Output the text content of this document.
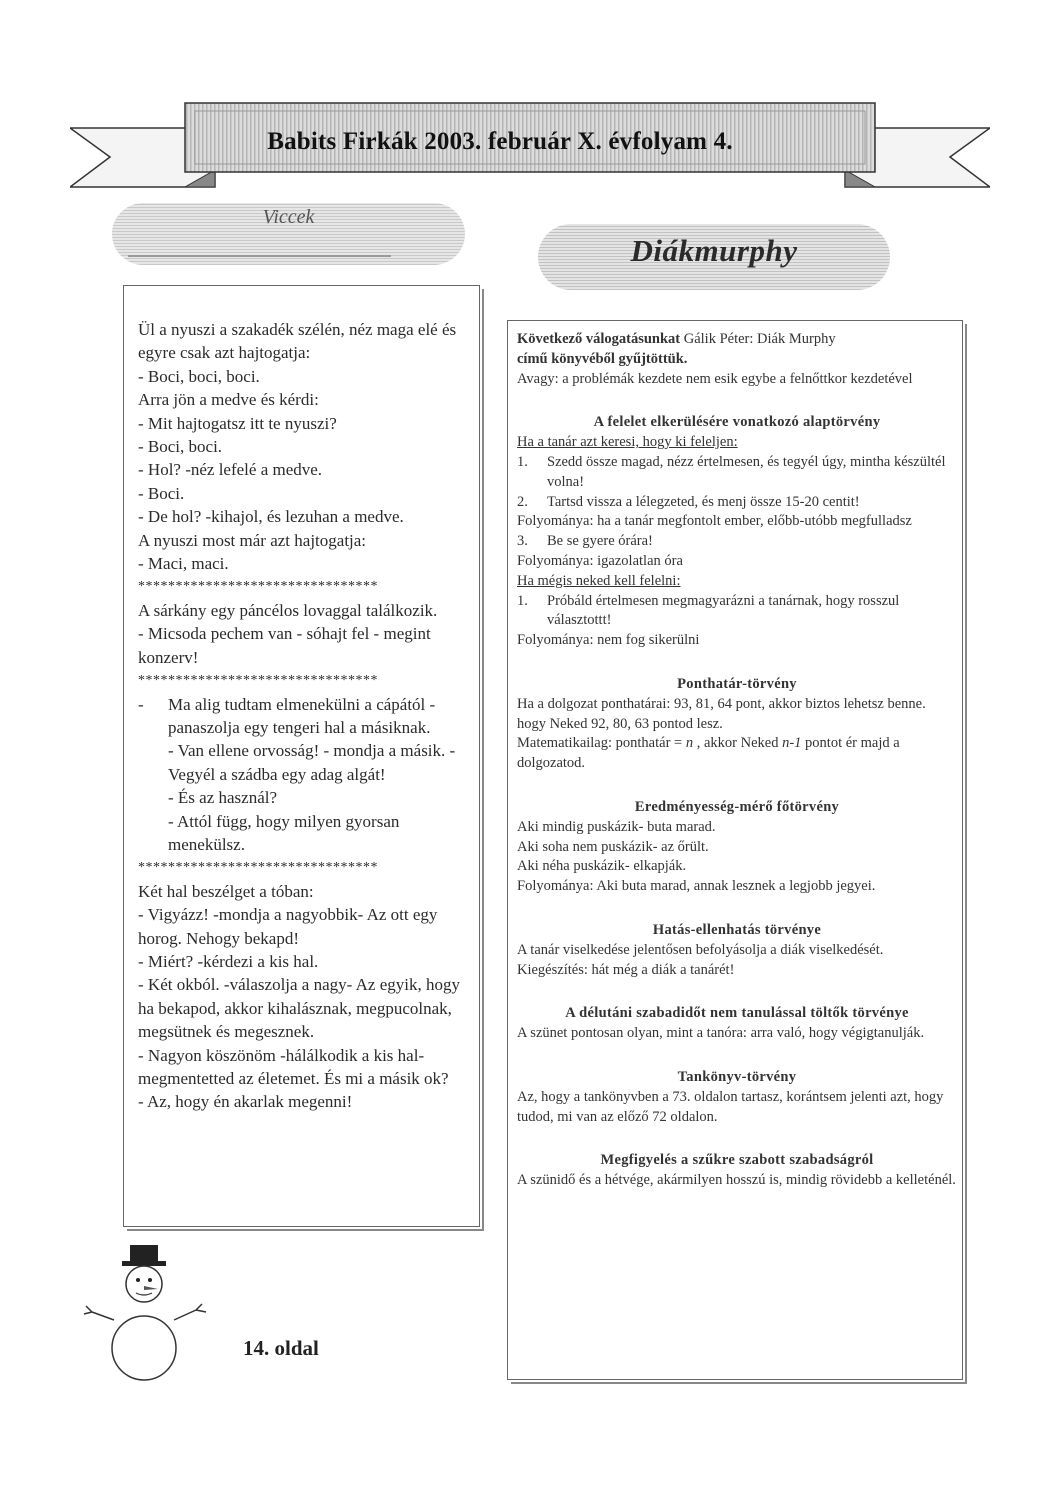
Babits Firkák 2003. február X. évfolyam 4.
Viccek
Diákmurphy

Ül a nyuszi a szakadék szélén, néz maga elé és egyre csak azt hajtogatja:

- Boci, boci, boci.

Arra jön a medve és kérdi:

- Mit hajtogatsz itt te nyuszi?

- Boci, boci.

- Hol? -néz lefelé a medve.

- Boci.

- De hol? -kihajol, és lezuhan a medve.

A nyuszi most már azt hajtogatja:

- Maci, maci.

********************************

A sárkány egy páncélos lovaggal találkozik.

- Micsoda pechem van - sóhajt fel - megint konzerv!

********************************

- Ma alig tudtam elmenekülni a cápától - panaszolja egy tengeri hal a másiknak.

- Van ellene orvosság! - mondja a másik. - Vegyél a szádba egy adag algát!

- És az használ?

- Attól függ, hogy milyen gyorsan menekülsz.

********************************

Két hal beszélget a tóban:

- Vigyázz! -mondja a nagyobbik- Az ott egy horog. Nehogy bekapd!

- Miért? -kérdezi a kis hal.

- Két okból. -válaszolja a nagy- Az egyik, hogy ha bekapod, akkor kihalásznak, megpucolnak, megsütnek és megesznek.

- Nagyon köszönöm -hálálkodik a kis hal- megmentetted az életemet. És mi a másik ok?

- Az, hogy én akarlak megenni!

Következő válogatásunkat Gálik Péter: Diák Murphy

című könyvéből gyűjtöttük.

Avagy: a problémák kezdete nem esik egybe a felnőttkor kezdetével

A felelet elkerülésére vonatkozó alaptörvény

Ha a tanár azt keresi, hogy ki feleljen:

1. Szedd össze magad, nézz értelmesen, és tegyél úgy, mintha készültél volna!

2. Tartsd vissza a lélegzeted, és menj össze 15-20 centit!

Folyománya: ha a tanár megfontolt ember, előbb-utóbb megfulladsz

3. Be se gyere órára!

Folyománya: igazolatlan óra

Ha mégis neked kell felelni:

1. Próbáld értelmesen megmagyarázni a tanárnak, hogy rosszul választottt!

Folyománya: nem fog sikerülni

Ponthatár-törvény

Ha a dolgozat ponthatárai: 93, 81, 64 pont, akkor biztos lehetsz benne. hogy Neked 92, 80, 63 pontod lesz.

Matematikailag: ponthatár = n , akkor Neked n-1 pontot ér majd a dolgozatod.

Eredményesség-mérő főtörvény

Aki mindig puskázik- buta marad.

Aki soha nem puskázik- az őrült.

Aki néha puskázik- elkapják.

Folyománya: Aki buta marad, annak lesznek a legjobb jegyei.

Hatás-ellenhatás törvénye

A tanár viselkedése jelentősen befolyásolja a diák viselkedését.

Kiegészítés: hát még a diák a tanárét!

A délutáni szabadidőt nem tanulással töltők törvénye

A szünet pontosan olyan, mint a tanóra: arra való, hogy végigtanulják.

Tankönyv-törvény

Az, hogy a tankönyvben a 73. oldalon tartasz, korántsem jelenti azt, hogy tudod, mi van az előző 72 oldalon.

Megfigyelés a szűkre szabott szabadságról

A szünidő és a hétvége, akármilyen hosszú is, mindig rövidebb a kelleténél.

14. oldal
